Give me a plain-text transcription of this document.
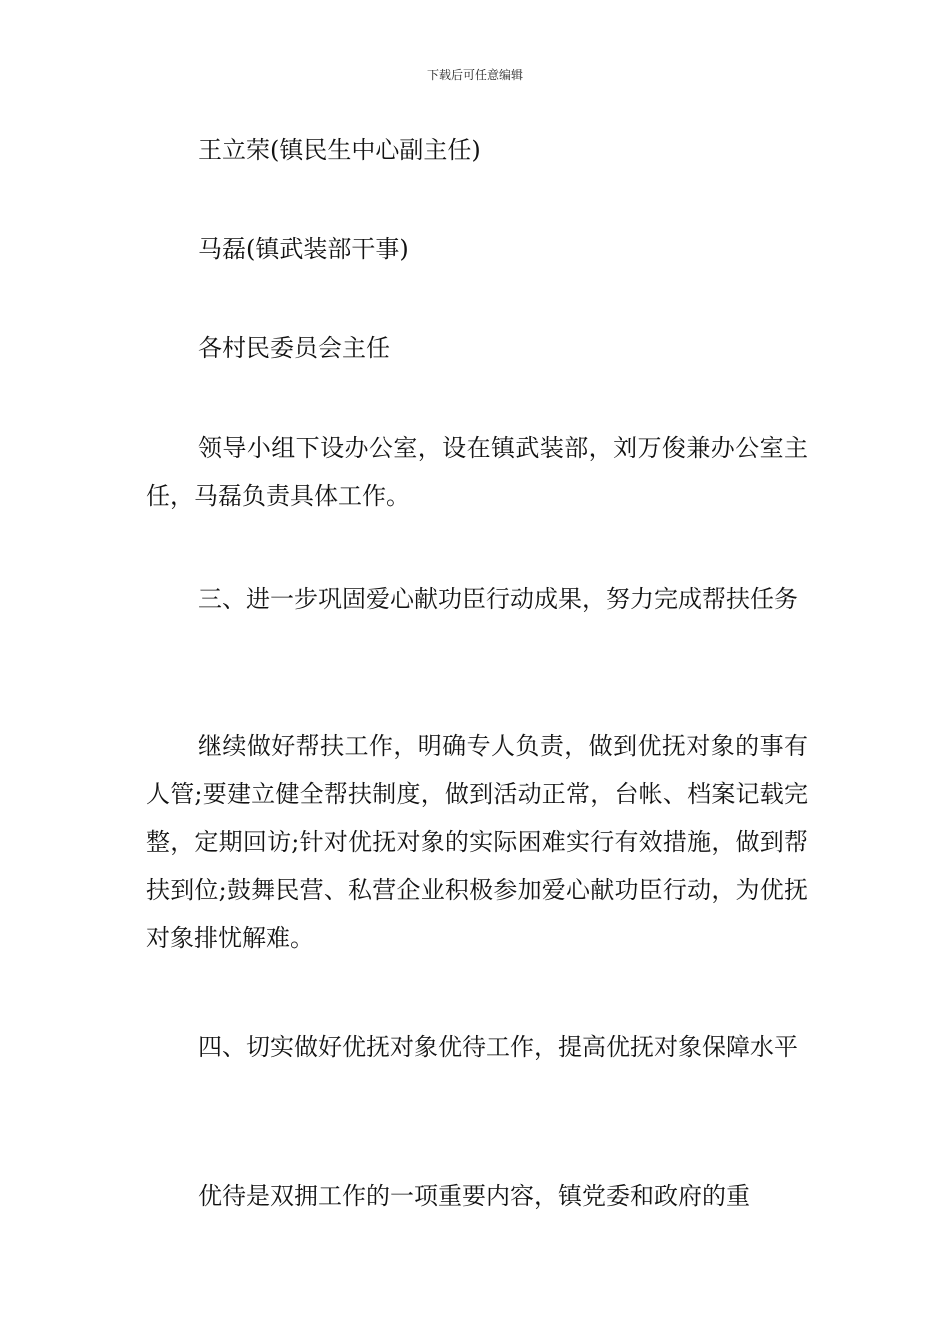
下载后可任意编辑

王立荣(镇民生中心副主任)

马磊(镇武装部干事)

各村民委员会主任

领导小组下设办公室，设在镇武装部，刘万俊兼办公室主任，马磊负责具体工作。

三、进一步巩固爱心献功臣行动成果，努力完成帮扶任务

继续做好帮扶工作，明确专人负责，做到优抚对象的事有人管;要建立健全帮扶制度，做到活动正常，台帐、档案记载完整，定期回访;针对优抚对象的实际困难实行有效措施，做到帮扶到位;鼓舞民营、私营企业积极参加爱心献功臣行动，为优抚对象排忧解难。

四、切实做好优抚对象优待工作，提高优抚对象保障水平

优待是双拥工作的一项重要内容，镇党委和政府的重
